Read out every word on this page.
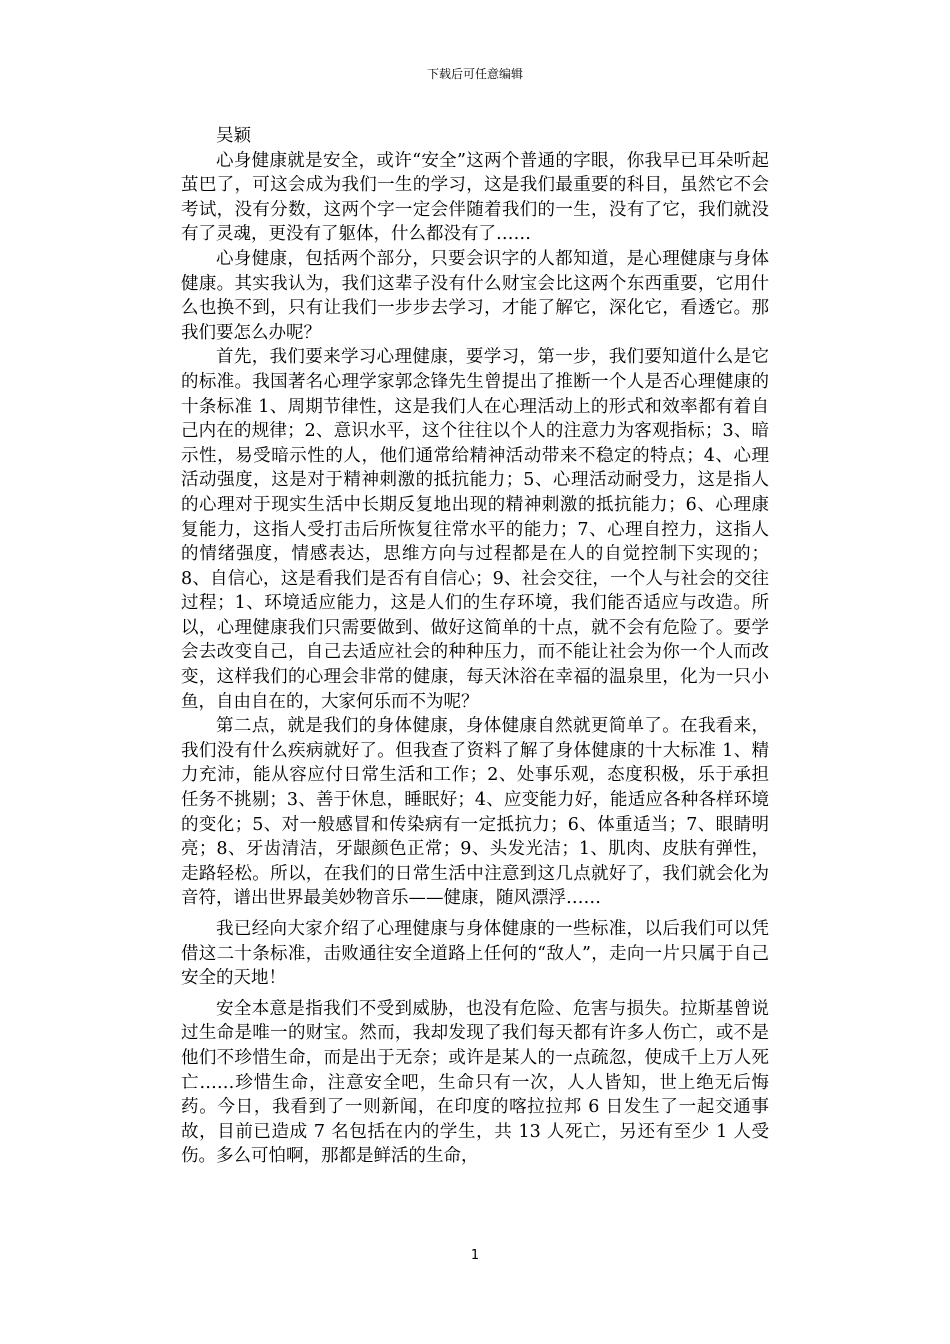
下载后可任意编辑

吴颖

心身健康就是安全，或许“安全”这两个普通的字眼，你我早已耳朵听起茧巴了，可这会成为我们一生的学习，这是我们最重要的科目，虽然它不会考试，没有分数，这两个字一定会伴随着我们的一生，没有了它，我们就没有了灵魂，更没有了躯体，什么都没有了……

心身健康，包括两个部分，只要会识字的人都知道，是心理健康与身体健康。其实我认为，我们这辈子没有什么财宝会比这两个东西重要，它用什么也换不到，只有让我们一步步去学习，才能了解它，深化它，看透它。那我们要怎么办呢？

首先，我们要来学习心理健康，要学习，第一步，我们要知道什么是它的标准。我国著名心理学家郭念锋先生曾提出了推断一个人是否心理健康的十条标准 1、周期节律性，这是我们人在心理活动上的形式和效率都有着自己内在的规律；2、意识水平，这个往往以个人的注意力为客观指标；3、暗示性，易受暗示性的人，他们通常给精神活动带来不稳定的特点；4、心理活动强度，这是对于精神刺激的抵抗能力；5、心理活动耐受力，这是指人的心理对于现实生活中长期反复地出现的精神刺激的抵抗能力；6、心理康复能力，这指人受打击后所恢复往常水平的能力；7、心理自控力，这指人的情绪强度，情感表达，思维方向与过程都是在人的自觉控制下实现的；8、自信心，这是看我们是否有自信心；9、社会交往，一个人与社会的交往过程；1、环境适应能力，这是人们的生存环境，我们能否适应与改造。所以，心理健康我们只需要做到、做好这简单的十点，就不会有危险了。要学会去改变自己，自己去适应社会的种种压力，而不能让社会为你一个人而改变，这样我们的心理会非常的健康，每天沐浴在幸福的温泉里，化为一只小鱼，自由自在的，大家何乐而不为呢？

第二点，就是我们的身体健康，身体健康自然就更简单了。在我看来，我们没有什么疾病就好了。但我查了资料了解了身体健康的十大标准 1、精力充沛，能从容应付日常生活和工作；2、处事乐观，态度积极，乐于承担任务不挑剔；3、善于休息，睡眠好；4、应变能力好，能适应各种各样环境的变化；5、对一般感冒和传染病有一定抵抗力；6、体重适当；7、眼睛明亮；8、牙齿清洁，牙龈颜色正常；9、头发光洁；1、肌肉、皮肤有弹性，走路轻松。所以，在我们的日常生活中注意到这几点就好了，我们就会化为音符，谱出世界最美妙物音乐——健康，随风漂浮……

我已经向大家介绍了心理健康与身体健康的一些标准，以后我们可以凭借这二十条标准，击败通往安全道路上任何的“敌人”，走向一片只属于自己安全的天地！

安全本意是指我们不受到威胁，也没有危险、危害与损失。拉斯基曾说过生命是唯一的财宝。然而，我却发现了我们每天都有许多人伤亡，或不是他们不珍惜生命，而是出于无奈；或许是某人的一点疏忽，使成千上万人死亡……珍惜生命，注意安全吧，生命只有一次，人人皆知，世上绝无后悔药。今日，我看到了一则新闻，在印度的喀拉拉邦 6 日发生了一起交通事故，目前已造成 7 名包括在内的学生，共 13 人死亡，另还有至少 1 人受伤。多么可怕啊，那都是鲜活的生命，

1
